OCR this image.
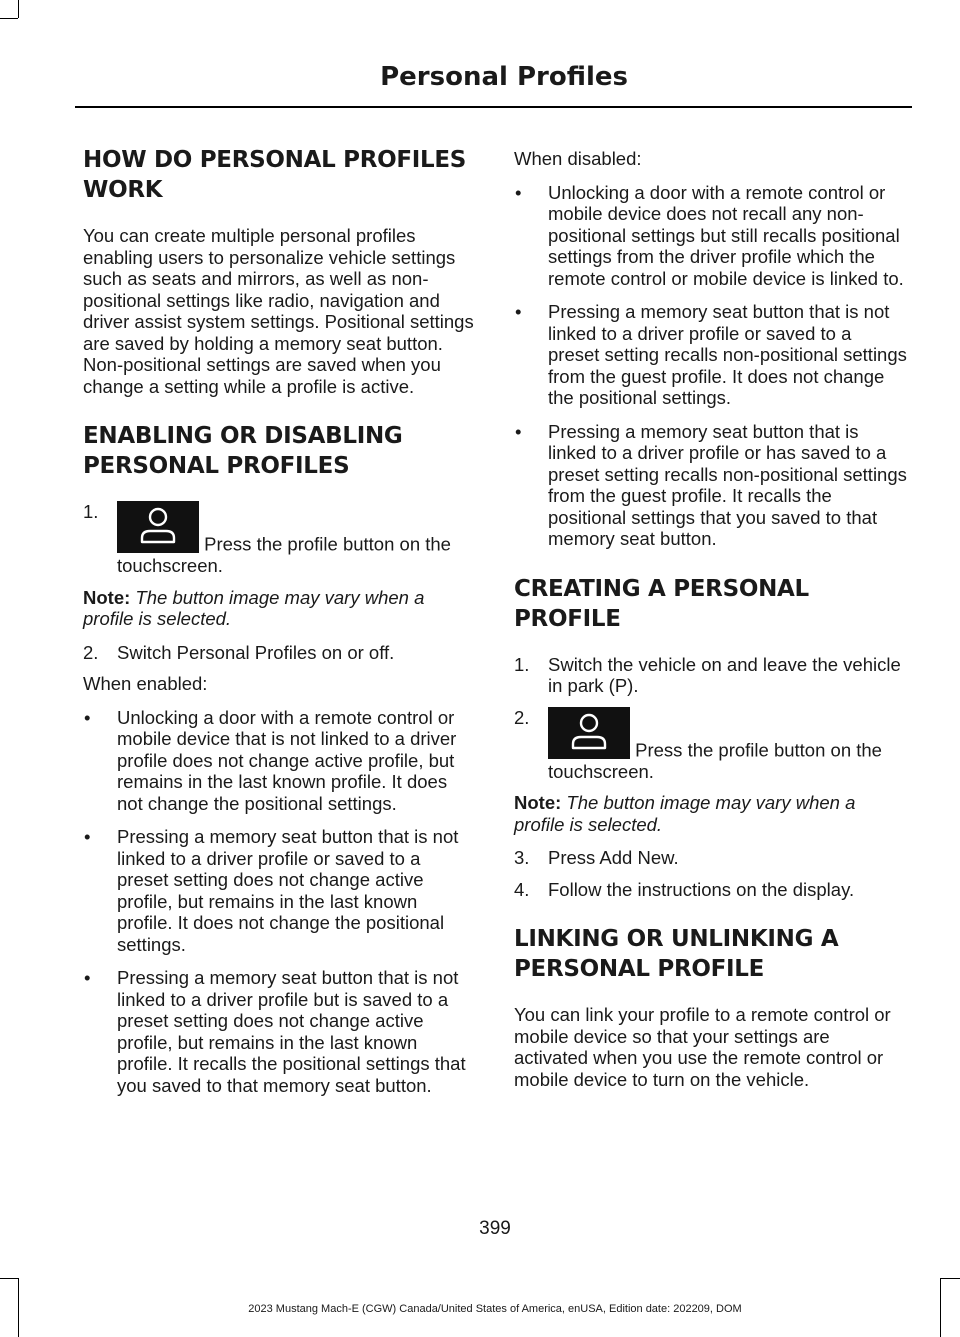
Personal Profiles
HOW DO PERSONAL PROFILES WORK

You can create multiple personal profiles enabling users to personalize vehicle settings such as seats and mirrors, as well as non-positional settings like radio, navigation and driver assist system settings. Positional settings are saved by holding a memory seat button. Non-positional settings are saved when you change a setting while a profile is active.

ENABLING OR DISABLING PERSONAL PROFILES
1.
Press the profile button on the touchscreen.

Note: The button image may vary when a profile is selected.

2. Switch Personal Profiles on or off.

When enabled:

• Unlocking a door with a remote control or mobile device that is not linked to a driver profile does not change active profile, but remains in the last known profile. It does not change the positional settings.
• Pressing a memory seat button that is not linked to a driver profile or saved to a preset setting does not change active profile, but remains in the last known profile. It does not change the positional settings.
• Pressing a memory seat button that is not linked to a driver profile but is saved to a preset setting does not change active profile, but remains in the last known profile. It recalls the positional settings that you saved to that memory seat button.

When disabled:

• Unlocking a door with a remote control or mobile device does not recall any non-positional settings but still recalls positional settings from the driver profile which the remote control or mobile device is linked to.
• Pressing a memory seat button that is not linked to a driver profile or saved to a preset setting recalls non-positional settings from the guest profile. It does not change the positional settings.
• Pressing a memory seat button that is linked to a driver profile or has saved to a preset setting recalls non-positional settings from the guest profile. It recalls the positional settings that you saved to that memory seat button.
CREATING A PERSONAL PROFILE
1. Switch the vehicle on and leave the vehicle in park (P).
2.
Press the profile button on the touchscreen.

Note: The button image may vary when a profile is selected.

3. Press Add New.
4. Follow the instructions on the display.
LINKING OR UNLINKING A PERSONAL PROFILE

You can link your profile to a remote control or mobile device so that your settings are activated when you use the remote control or mobile device to turn on the vehicle.

399
2023 Mustang Mach-E (CGW) Canada/United States of America, enUSA, Edition date: 202209, DOM
